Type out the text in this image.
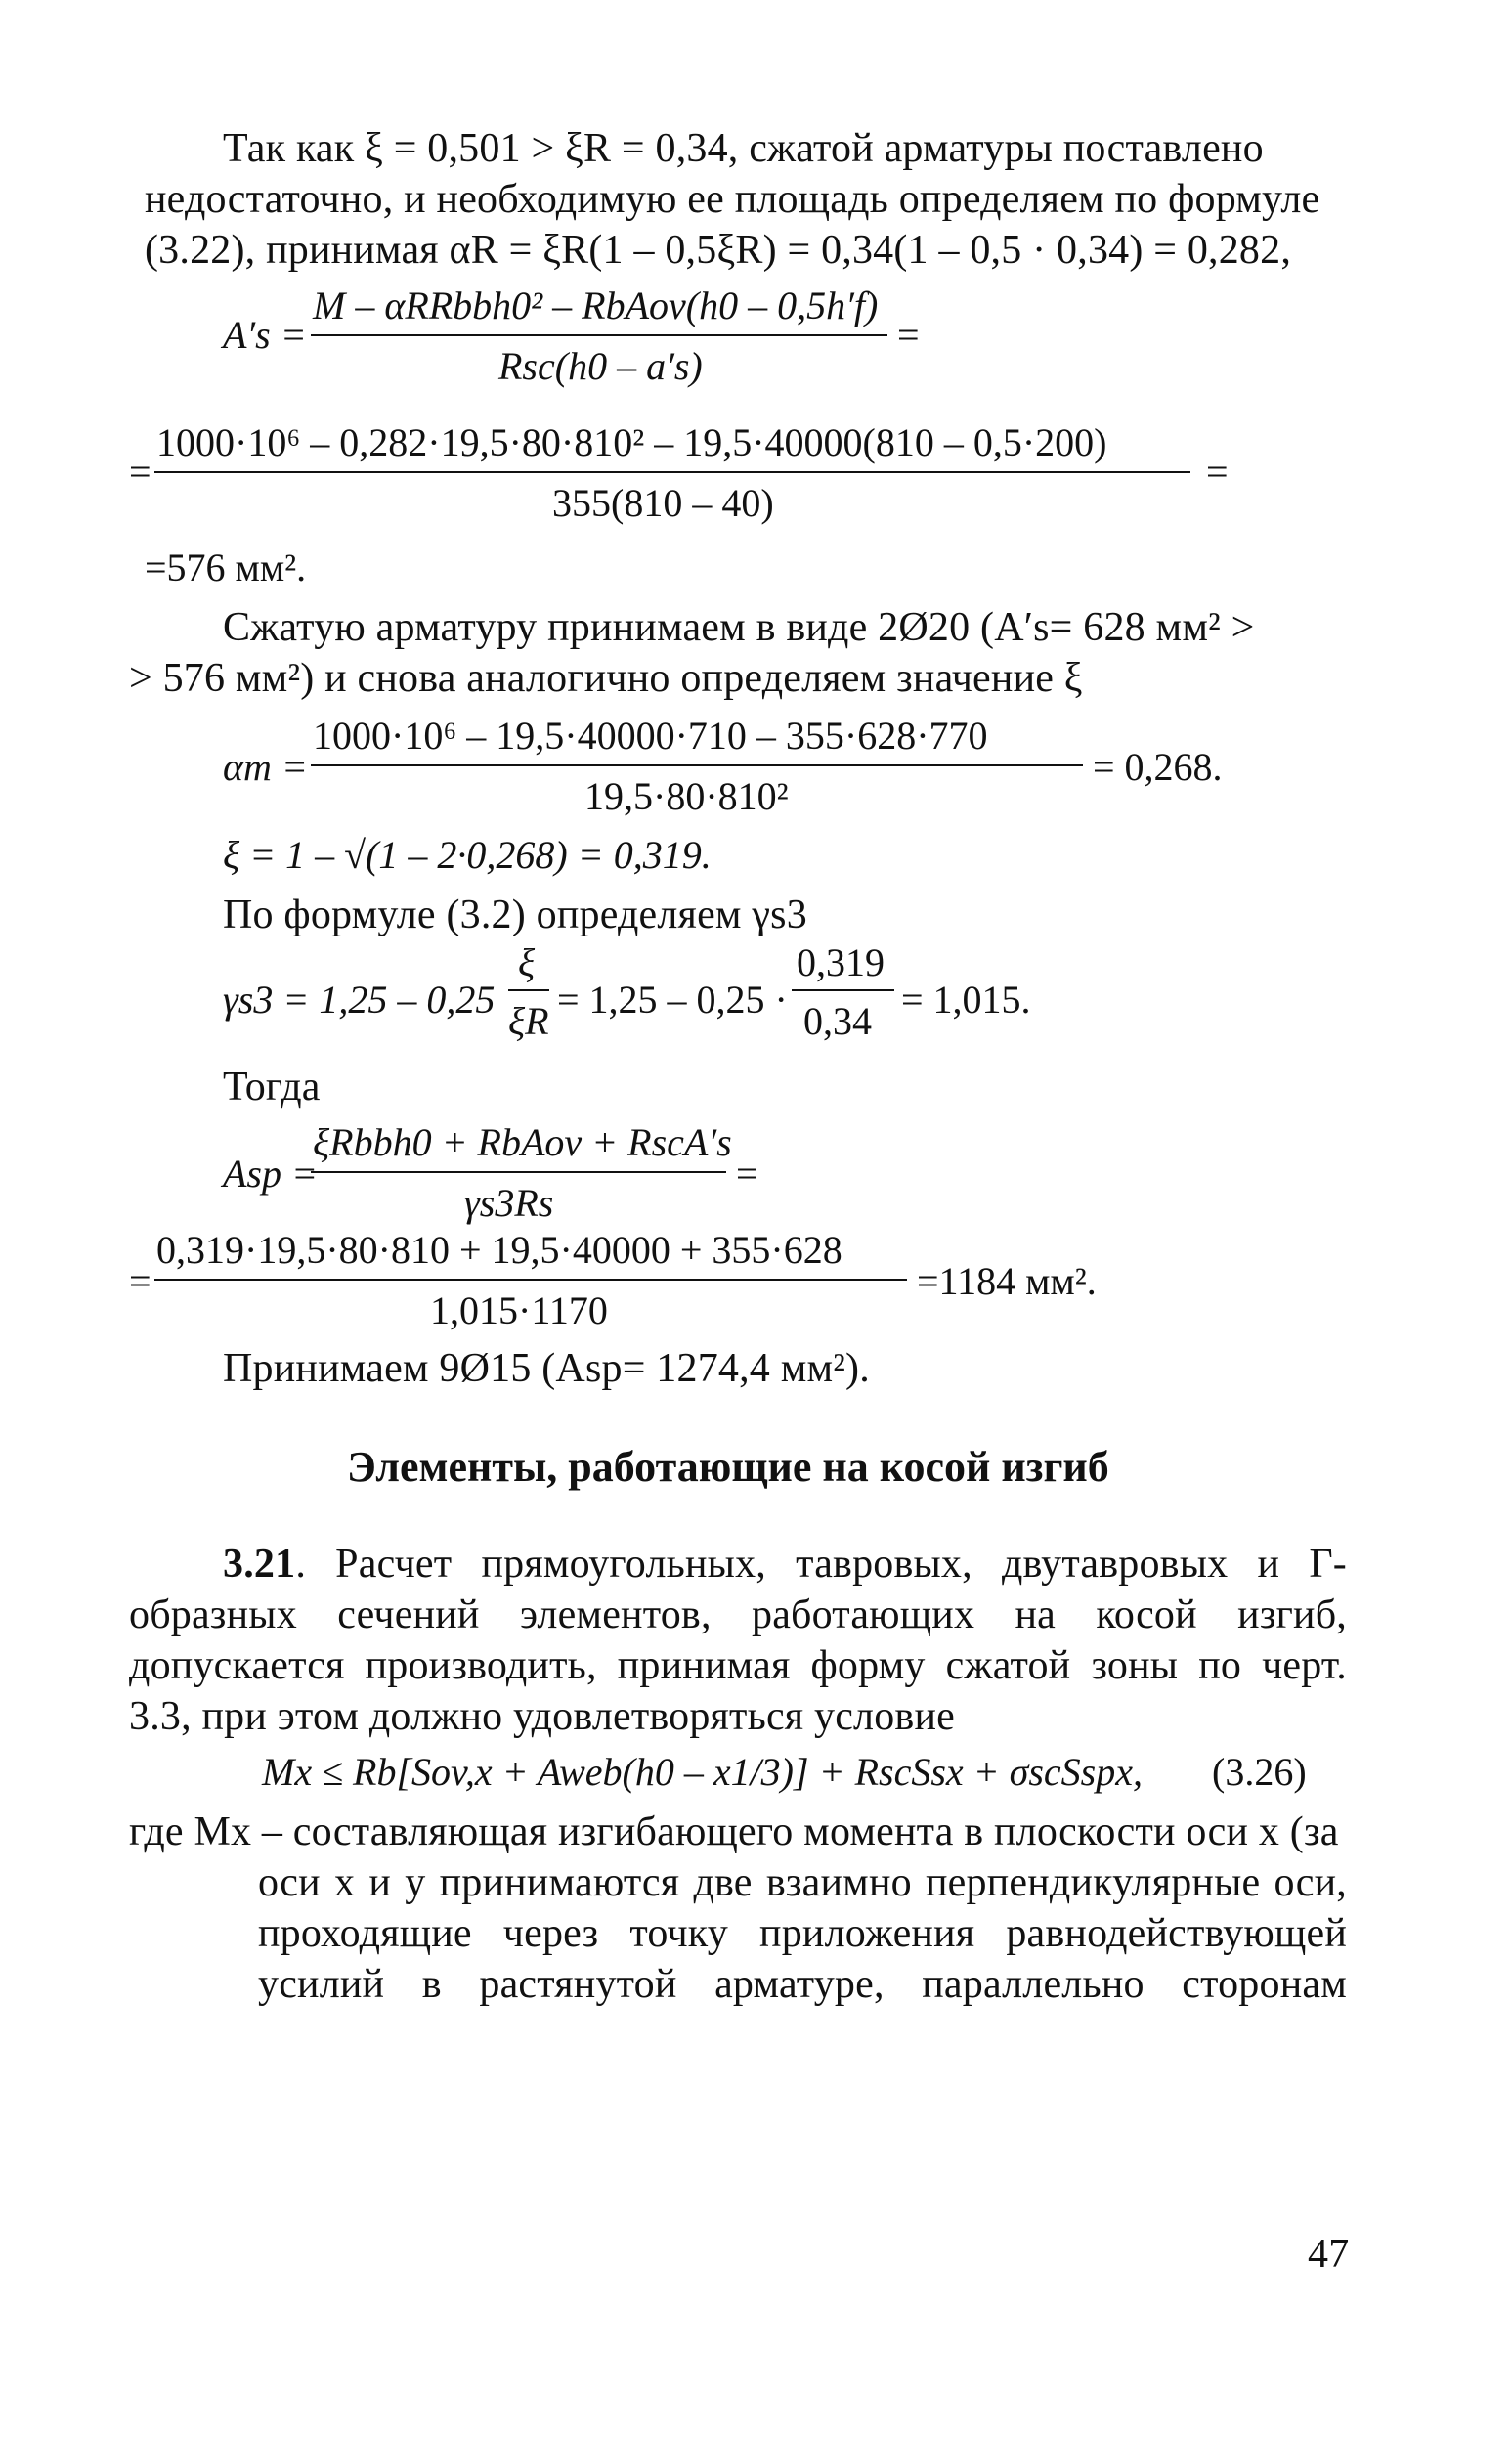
Так как ξ = 0,501 > ξR = 0,34, сжатой арматуры поставлено
недостаточно, и необходимую ее площадь определяем по формуле
(3.22), принимая αR = ξR(1 – 0,5ξR) = 0,34(1 – 0,5 · 0,34) = 0,282,
A′s =
M – αRRbbh0² – RbAov(h0 – 0,5h′f)
Rsc(h0 – a′s)
=
=
1000·10⁶ – 0,282·19,5·80·810² – 19,5·40000(810 – 0,5·200)
355(810 – 40)
=
=576 мм².
Сжатую арматуру принимаем в виде 2Ø20 (A′s= 628 мм² >
> 576 мм²) и снова аналогично определяем значение ξ
αm =
1000·10⁶ – 19,5·40000·710 – 355·628·770
19,5·80·810²
= 0,268.
ξ = 1 – √(1 – 2·0,268) = 0,319.
По формуле (3.2) определяем γs3
γs3 = 1,25 – 0,25
ξ
ξR = 1,25 – 0,25 ·
0,319
0,34 = 1,015.
Тогда
Asp =
ξRbbh0 + RbAov + RscA′s
γs3Rs
=
=
0,319·19,5·80·810 + 19,5·40000 + 355·628
1,015·1170
=1184 мм².
Принимаем 9Ø15 (Asp= 1274,4 мм²).
Элементы, работающие на косой изгиб
3.21. Расчет прямоугольных, тавровых, двутавровых и Г-
образных сечений элементов, работающих на косой изгиб,
допускается производить, принимая форму сжатой зоны по черт.
3.3, при этом должно удовлетворяться условие
Mx ≤ Rb[Sov,x + Aweb(h0 – x1/3)] + RscSsx + σscSspx, (3.26)
где Mx – составляющая изгибающего момента в плоскости оси x (за
оси x и y принимаются две взаимно перпендикулярные оси,
проходящие через точку приложения равнодействующей
усилий в растянутой арматуре, параллельно сторонам
47
